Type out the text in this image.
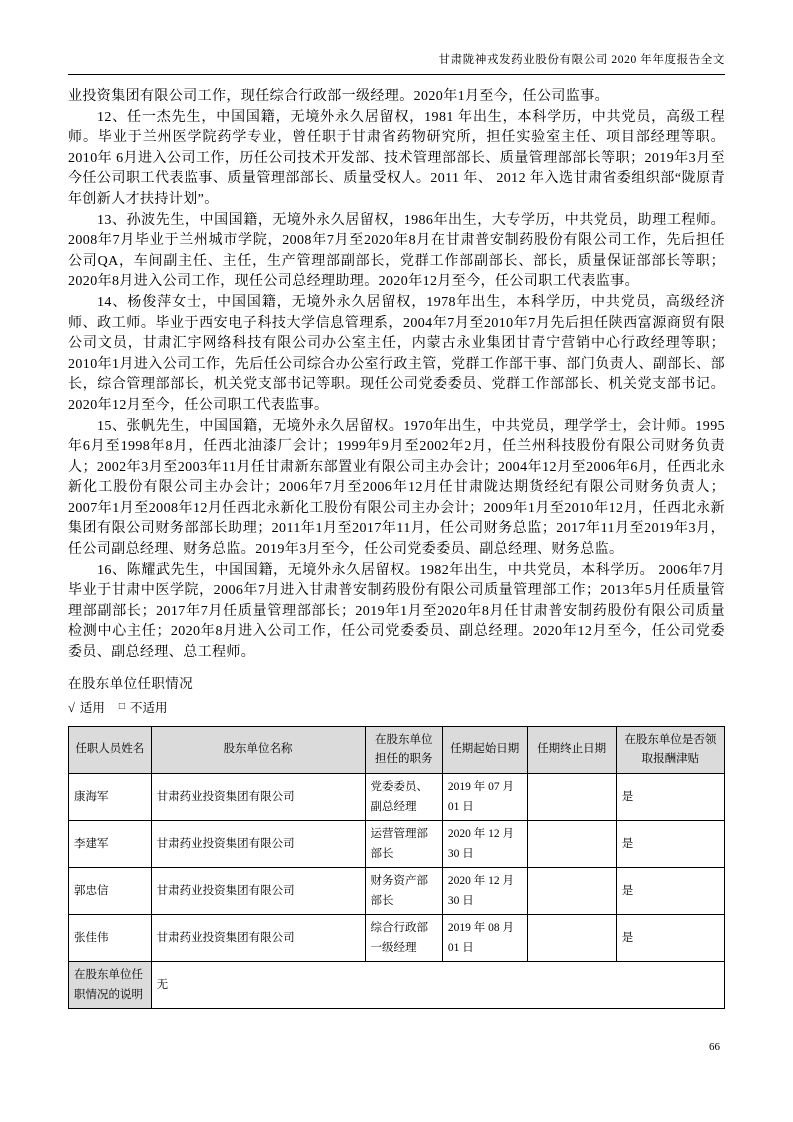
甘肃陇神戎发药业股份有限公司 2020 年年度报告全文

业投资集团有限公司工作，现任综合行政部一级经理。2020年1月至今，任公司监事。

12、任一杰先生，中国国籍，无境外永久居留权，1981 年出生，本科学历，中共党员，高级工程师。毕业于兰州医学院药学专业，曾任职于甘肃省药物研究所，担任实验室主任、项目部经理等职。2010年 6月进入公司工作，历任公司技术开发部、技术管理部部长、质量管理部部长等职；2019年3月至今任公司职工代表监事、质量管理部部长、质量受权人。2011 年、 2012 年入选甘肃省委组织部“陇原青年创新人才扶持计划”。

13、孙波先生，中国国籍，无境外永久居留权，1986年出生，大专学历，中共党员，助理工程师。2008年7月毕业于兰州城市学院，2008年7月至2020年8月在甘肃普安制药股份有限公司工作，先后担任公司QA，车间副主任、主任，生产管理部副部长，党群工作部副部长、部长，质量保证部部长等职；2020年8月进入公司工作，现任公司总经理助理。2020年12月至今，任公司职工代表监事。

14、杨俊萍女士，中国国籍，无境外永久居留权，1978年出生，本科学历，中共党员，高级经济师、政工师。毕业于西安电子科技大学信息管理系，2004年7月至2010年7月先后担任陕西富源商贸有限公司文员，甘肃汇宇网络科技有限公司办公室主任，内蒙古永业集团甘青宁营销中心行政经理等职；2010年1月进入公司工作，先后任公司综合办公室行政主管，党群工作部干事、部门负责人、副部长、部长，综合管理部部长，机关党支部书记等职。现任公司党委委员、党群工作部部长、机关党支部书记。2020年12月至今，任公司职工代表监事。

15、张帆先生，中国国籍，无境外永久居留权。1970年出生，中共党员，理学学士，会计师。1995年6月至1998年8月，任西北油漆厂会计；1999年9月至2002年2月，任兰州科技股份有限公司财务负责人；2002年3月至2003年11月任甘肃新东部置业有限公司主办会计；2004年12月至2006年6月，任西北永新化工股份有限公司主办会计；2006年7月至2006年12月任甘肃陇达期货经纪有限公司财务负责人；2007年1月至2008年12月任西北永新化工股份有限公司主办会计；2009年1月至2010年12月，任西北永新集团有限公司财务部部长助理；2011年1月至2017年11月，任公司财务总监；2017年11月至2019年3月，任公司副总经理、财务总监。2019年3月至今，任公司党委委员、副总经理、财务总监。

16、陈耀武先生，中国国籍，无境外永久居留权。1982年出生，中共党员，本科学历。 2006年7月毕业于甘肃中医学院，2006年7月进入甘肃普安制药股份有限公司质量管理部工作；2013年5月任质量管理部副部长；2017年7月任质量管理部部长；2019年1月至2020年8月任甘肃普安制药股份有限公司质量检测中心主任；2020年8月进入公司工作，任公司党委委员、副总经理。2020年12月至今，任公司党委委员、副总经理、总工程师。

在股东单位任职情况
√ 适用 □ 不适用
任职人员姓名	股东单位名称	在股东单位担任的职务	任期起始日期	任期终止日期	在股东单位是否领取报酬津贴
康海军	甘肃药业投资集团有限公司	党委委员、副总经理	2019 年 07 月 01 日		是
李建军	甘肃药业投资集团有限公司	运营管理部部长	2020 年 12 月 30 日		是
郭忠信	甘肃药业投资集团有限公司	财务资产部部长	2020 年 12 月 30 日		是
张佳伟	甘肃药业投资集团有限公司	综合行政部一级经理	2019 年 08 月 01 日		是
在股东单位任职情况的说明	无				
66
